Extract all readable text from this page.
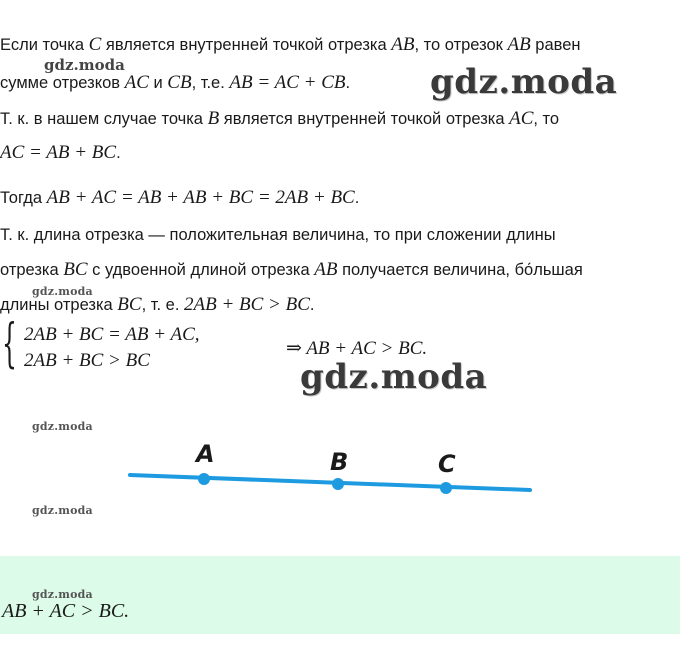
Если точка C является внутренней точкой отрезка AB, то отрезок AB равен
сумме отрезков AC и CB, т.е. AB = AC + CB.
Т. к. в нашем случае точка B является внутренней точкой отрезка AC, то
AC = AB + BC.
Тогда AB + AC = AB + AB + BC = 2AB + BC.
Т. к. длина отрезка — положительная величина, то при сложении длины
отрезка BC с удвоенной длиной отрезка AB получается величина, бо́льшая
длины отрезка BC, т. е. 2AB + BC > BC.
{ 2AB + BC = AB + AC,
2AB + BC > BC
⇒ AB + AC > BC.
gdz.moda	gdz.moda
gdz.moda
gdz.moda
gdz.moda
gdz.moda
A	B	C
gdz.moda
AB + AC > BC.
